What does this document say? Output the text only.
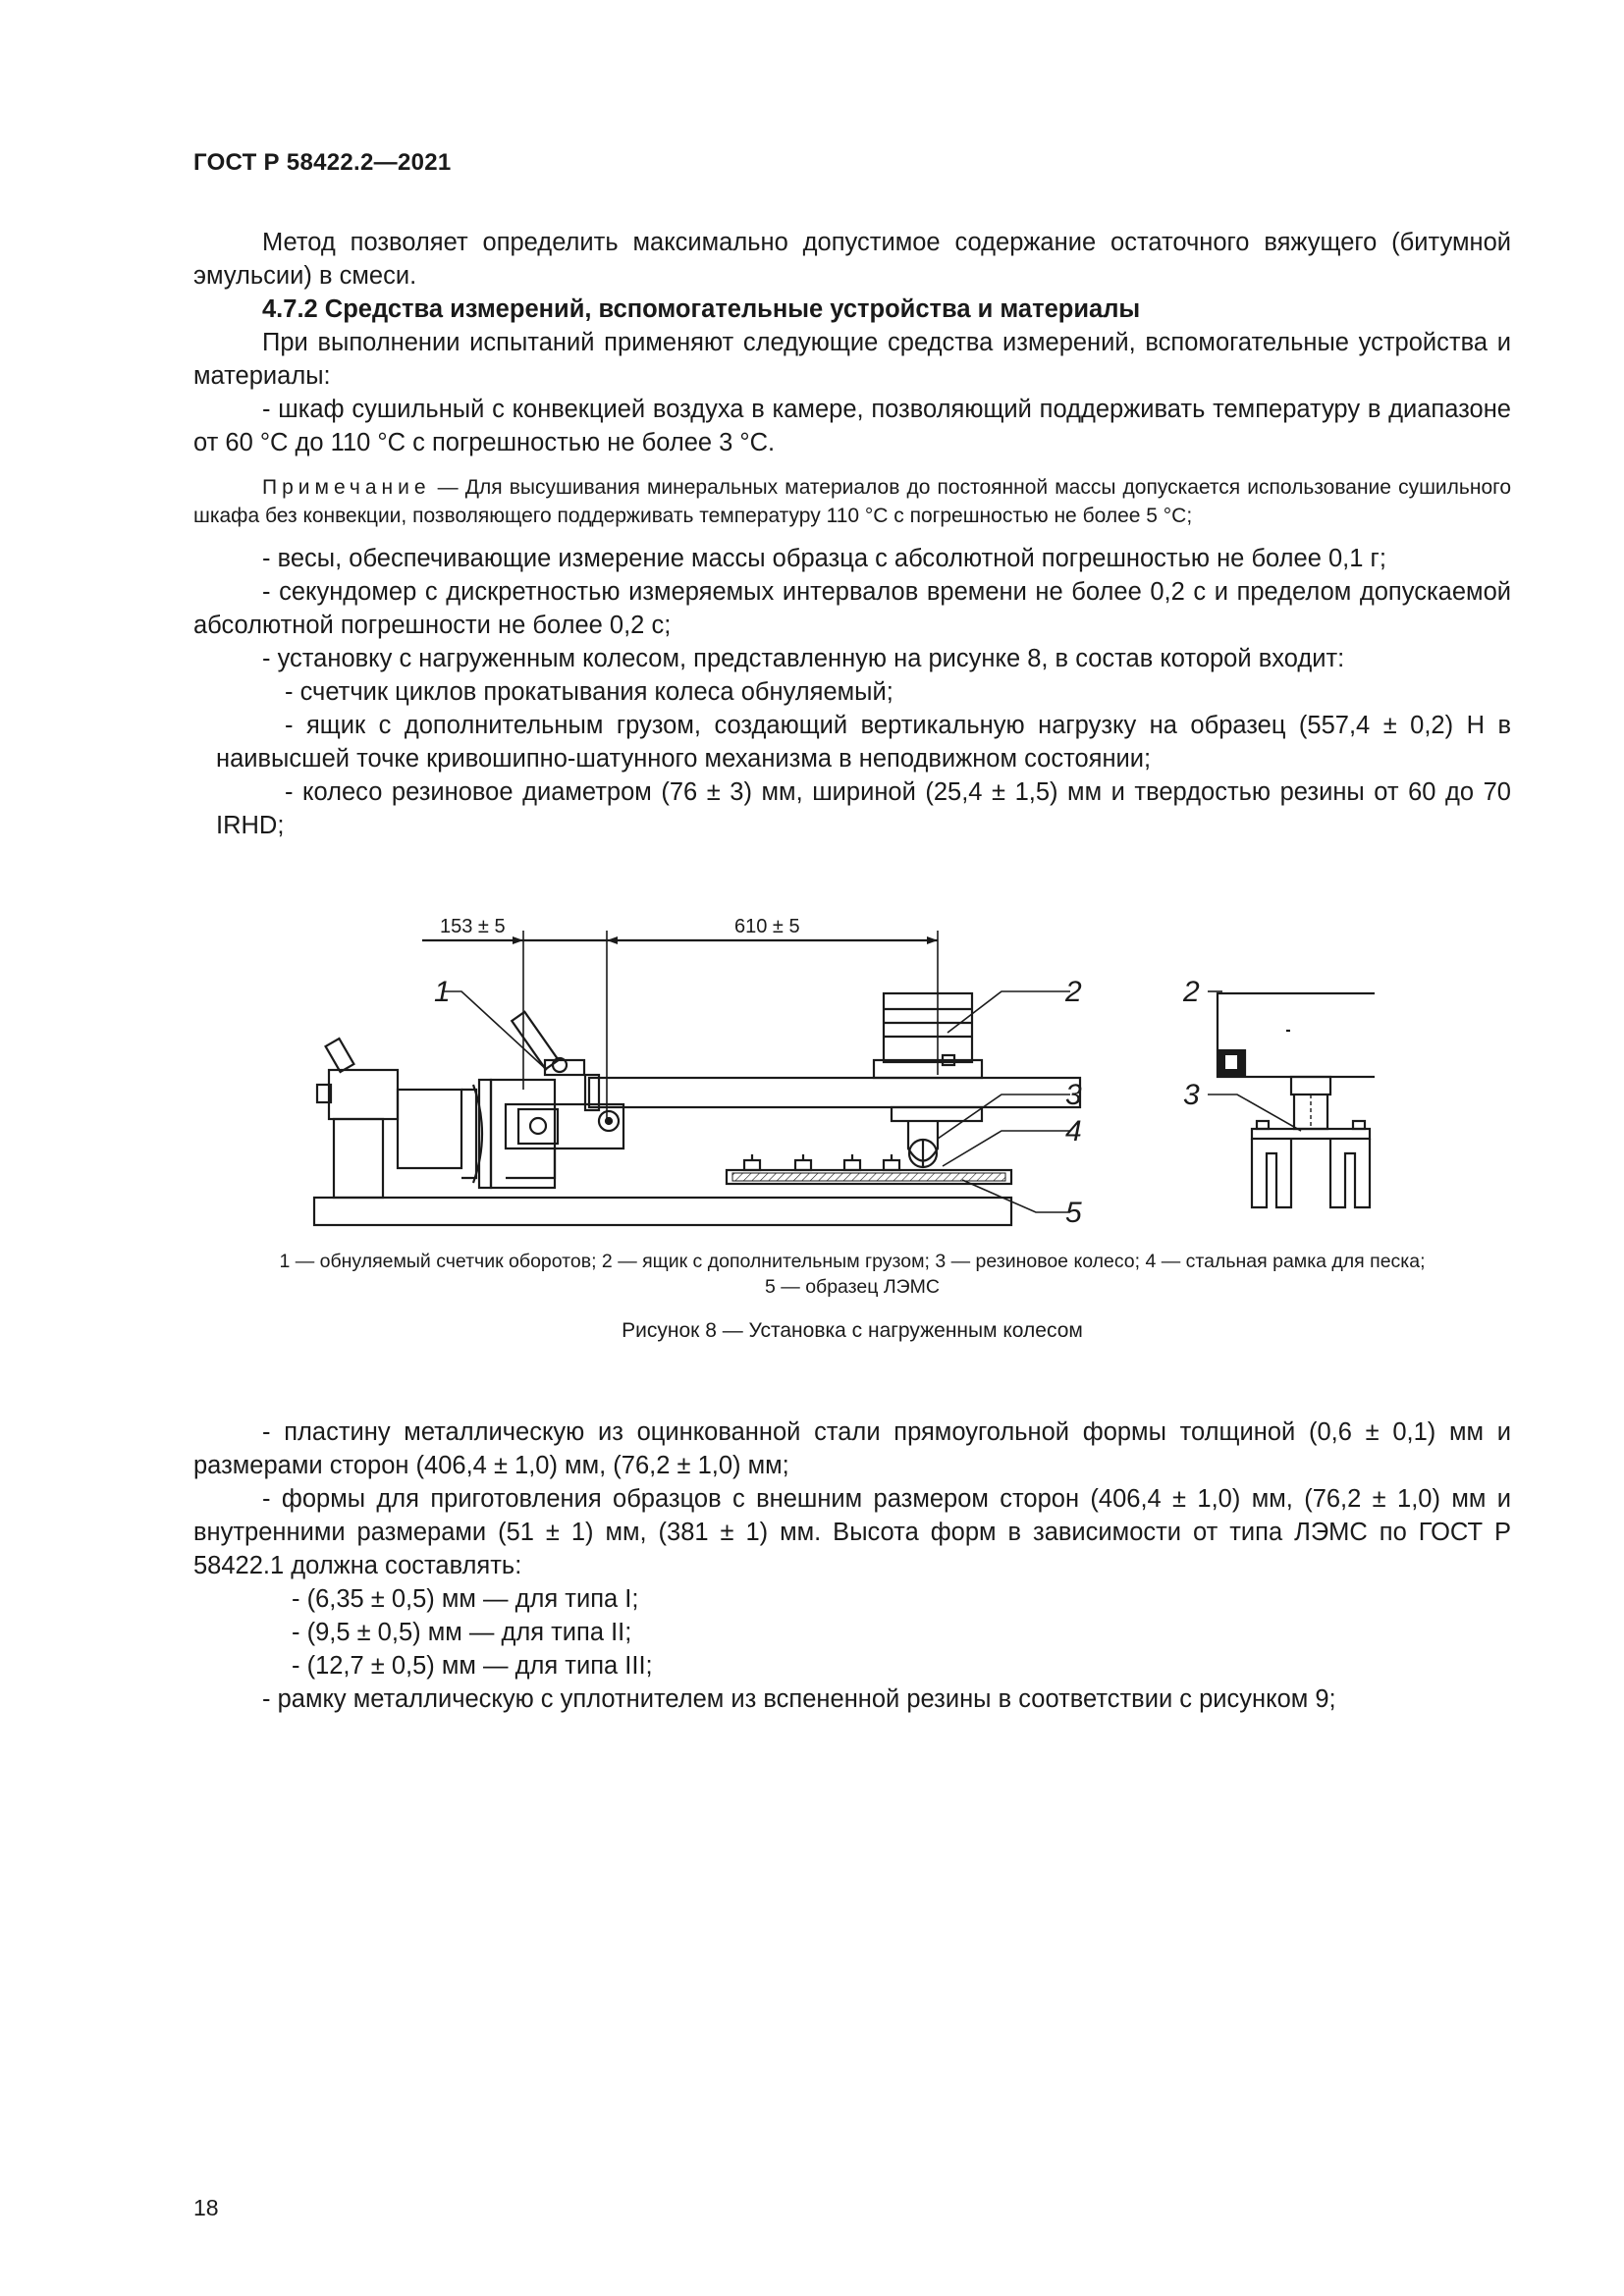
ГОСТ Р 58422.2—2021

Метод позволяет определить максимально допустимое содержание остаточного вяжущего (битумной эмульсии) в смеси.

4.7.2 Средства измерений, вспомогательные устройства и материалы

При выполнении испытаний применяют следующие средства измерений, вспомогательные устройства и материалы:

- шкаф сушильный с конвекцией воздуха в камере, позволяющий поддерживать температуру в диапазоне от 60 °С до 110 °С с погрешностью не более 3 °С.

Примечание — Для высушивания минеральных материалов до постоянной массы допускается использование сушильного шкафа без конвекции, позволяющего поддерживать температуру 110 °С с погрешностью не более 5 °С;

- весы, обеспечивающие измерение массы образца с абсолютной погрешностью не более 0,1 г;

- секундомер с дискретностью измеряемых интервалов времени не более 0,2 с и пределом допускаемой абсолютной погрешности не более 0,2 с;

- установку с нагруженным колесом, представленную на рисунке 8, в состав которой входит:

- счетчик циклов прокатывания колеса обнуляемый;

- ящик с дополнительным грузом, создающий вертикальную нагрузку на образец (557,4 ± 0,2) Н в наивысшей точке кривошипно-шатунного механизма в неподвижном состоянии;

- колесо резиновое диаметром (76 ± 3) мм, шириной (25,4 ± 1,5) мм и твердостью резины от 60 до 70 IRHD;

153 ± 5	610 ± 5
1	2
3
4
5
2
3
1 — обнуляемый счетчик оборотов; 2 — ящик с дополнительным грузом; 3 — резиновое колесо; 4 — стальная рамка для песка;
5 — образец ЛЭМС
Рисунок 8 — Установка с нагруженным колесом

- пластину металлическую из оцинкованной стали прямоугольной формы толщиной (0,6 ± 0,1) мм и размерами сторон (406,4 ± 1,0) мм, (76,2 ± 1,0) мм;

- формы для приготовления образцов с внешним размером сторон (406,4 ± 1,0) мм, (76,2 ± 1,0) мм и внутренними размерами (51 ± 1) мм, (381 ± 1) мм. Высота форм в зависимости от типа ЛЭМС по ГОСТ Р 58422.1 должна составлять:

- (6,35 ± 0,5) мм — для типа I;

- (9,5 ± 0,5) мм — для типа II;

- (12,7 ± 0,5) мм — для типа III;

- рамку металлическую с уплотнителем из вспененной резины в соответствии с рисунком 9;

18
